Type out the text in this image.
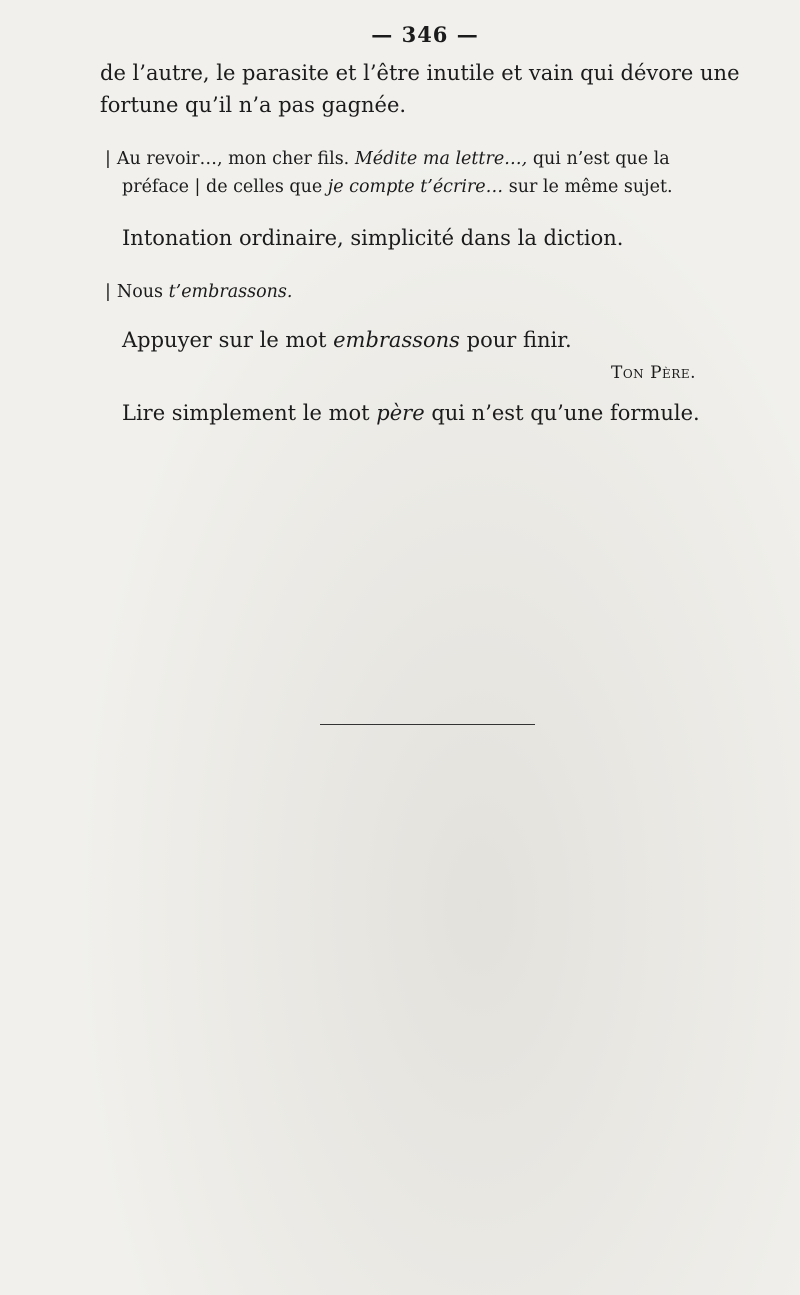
— 346 —
de l’autre, le parasite et l’être inutile et vain qui dévore une
fortune qu’il n’a pas gagnée.
| Au revoir…, mon cher fils. Médite ma lettre…, qui n’est que la
préface | de celles que je compte t’écrire… sur le même sujet.
Intonation ordinaire, simplicité dans la diction.
| Nous t’embrassons.
Appuyer sur le mot embrassons pour finir.
Ton Père.
Lire simplement le mot père qui n’est qu’une formule.
